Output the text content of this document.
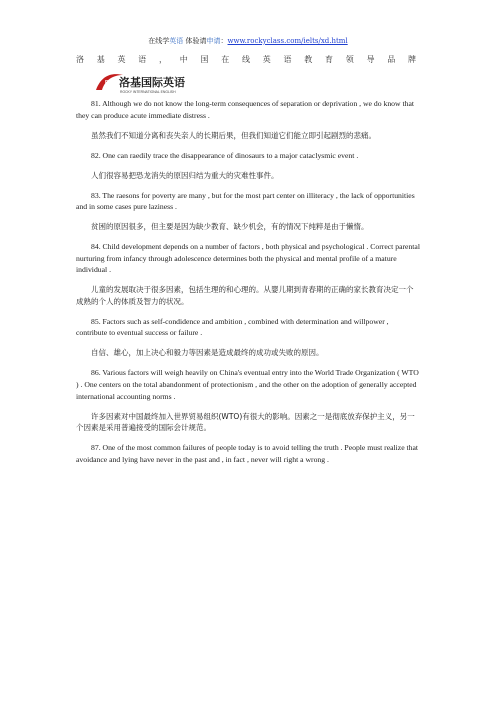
在线学英语 体验请申请：www.rockyclass.com/ielts/xd.html
洛 基 英 语 ， 中 国 在 线 英 语 教 育 领 导 品 牌
ROCKY
洛基国际英语
ROCKY INTERNATIONAL ENGLISH

81. Although we do not know the long-term consequences of separation or deprivation , we do know that they can produce acute immediate distress .

虽然我们不知道分离和丧失亲人的长期后果，但我们知道它们能立即引起剧烈的悲痛。

82. One can raedily trace the disappearance of dinosaurs to a major cataclysmic event .

人们很容易把恐龙消失的原因归结为重大的灾难性事件。

83. The raesons for poverty are many , but for the most part center on illiteracy , the lack of opportunities and in some cases pure laziness .

贫困的原因很多，但主要是因为缺少教育、缺少机会，有的情况下纯粹是由于懒惰。

84. Child development depends on a number of factors , both physical and psychological . Correct parental nurturing from infancy through adolescence determines both the physical and mental profile of a mature individual .

儿童的发展取决于很多因素，包括生理的和心理的。从婴儿期到青春期的正确的家长教育决定一个成熟的个人的体质及智力的状况。

85. Factors such as self-condidence and ambition , combined with determination and willpower , contribute to eventual success or failure .

自信、雄心，加上决心和毅力等因素是造成最终的成功或失败的原因。

86. Various factors will weigh heavily on China's eventual entry into the World Trade Organization ( WTO ) . One centers on the total abandonment of protectionism , and the other on the adoption of generally accepted international accounting norms .

许多因素对中国最终加入世界贸易组织(WTO)有很大的影响。因素之一是彻底放弃保护主义，另一个因素是采用普遍接受的国际会计规范。

87. One of the most common failures of people today is to avoid telling the truth . People must realize that avoidance and lying have never in the past and , in fact , never will right a wrong .
